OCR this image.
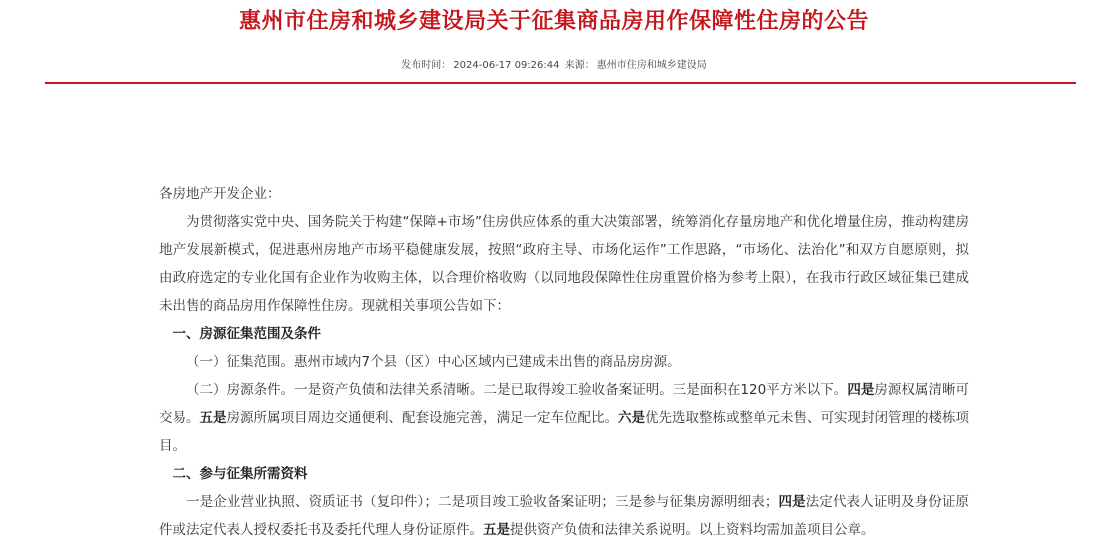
惠州市住房和城乡建设局关于征集商品房用作保障性住房的公告
发布时间： 2024-06-17 09:26:44 来源： 惠州市住房和城乡建设局

各房地产开发企业：

为贯彻落实党中央、国务院关于构建“保障+市场”住房供应体系的重大决策部署，统筹消化存量房地产和优化增量住房，推动构建房地产发展新模式，促进惠州房地产市场平稳健康发展，按照“政府主导、市场化运作”工作思路，“市场化、法治化”和双方自愿原则，拟由政府选定的专业化国有企业作为收购主体，以合理价格收购（以同地段保障性住房重置价格为参考上限），在我市行政区域征集已建成未出售的商品房用作保障性住房。现就相关事项公告如下：

一、房源征集范围及条件

（一）征集范围。惠州市域内7个县（区）中心区域内已建成未出售的商品房房源。

（二）房源条件。一是资产负债和法律关系清晰。二是已取得竣工验收备案证明。三是面积在120平方米以下。四是房源权属清晰可交易。五是房源所属项目周边交通便利、配套设施完善，满足一定车位配比。六是优先选取整栋或整单元未售、可实现封闭管理的楼栋项目。

二、参与征集所需资料

一是企业营业执照、资质证书（复印件）；二是项目竣工验收备案证明；三是参与征集房源明细表；四是法定代表人证明及身份证原件或法定代表人授权委托书及委托代理人身份证原件。五是提供资产负债和法律关系说明。以上资料均需加盖项目公章。
